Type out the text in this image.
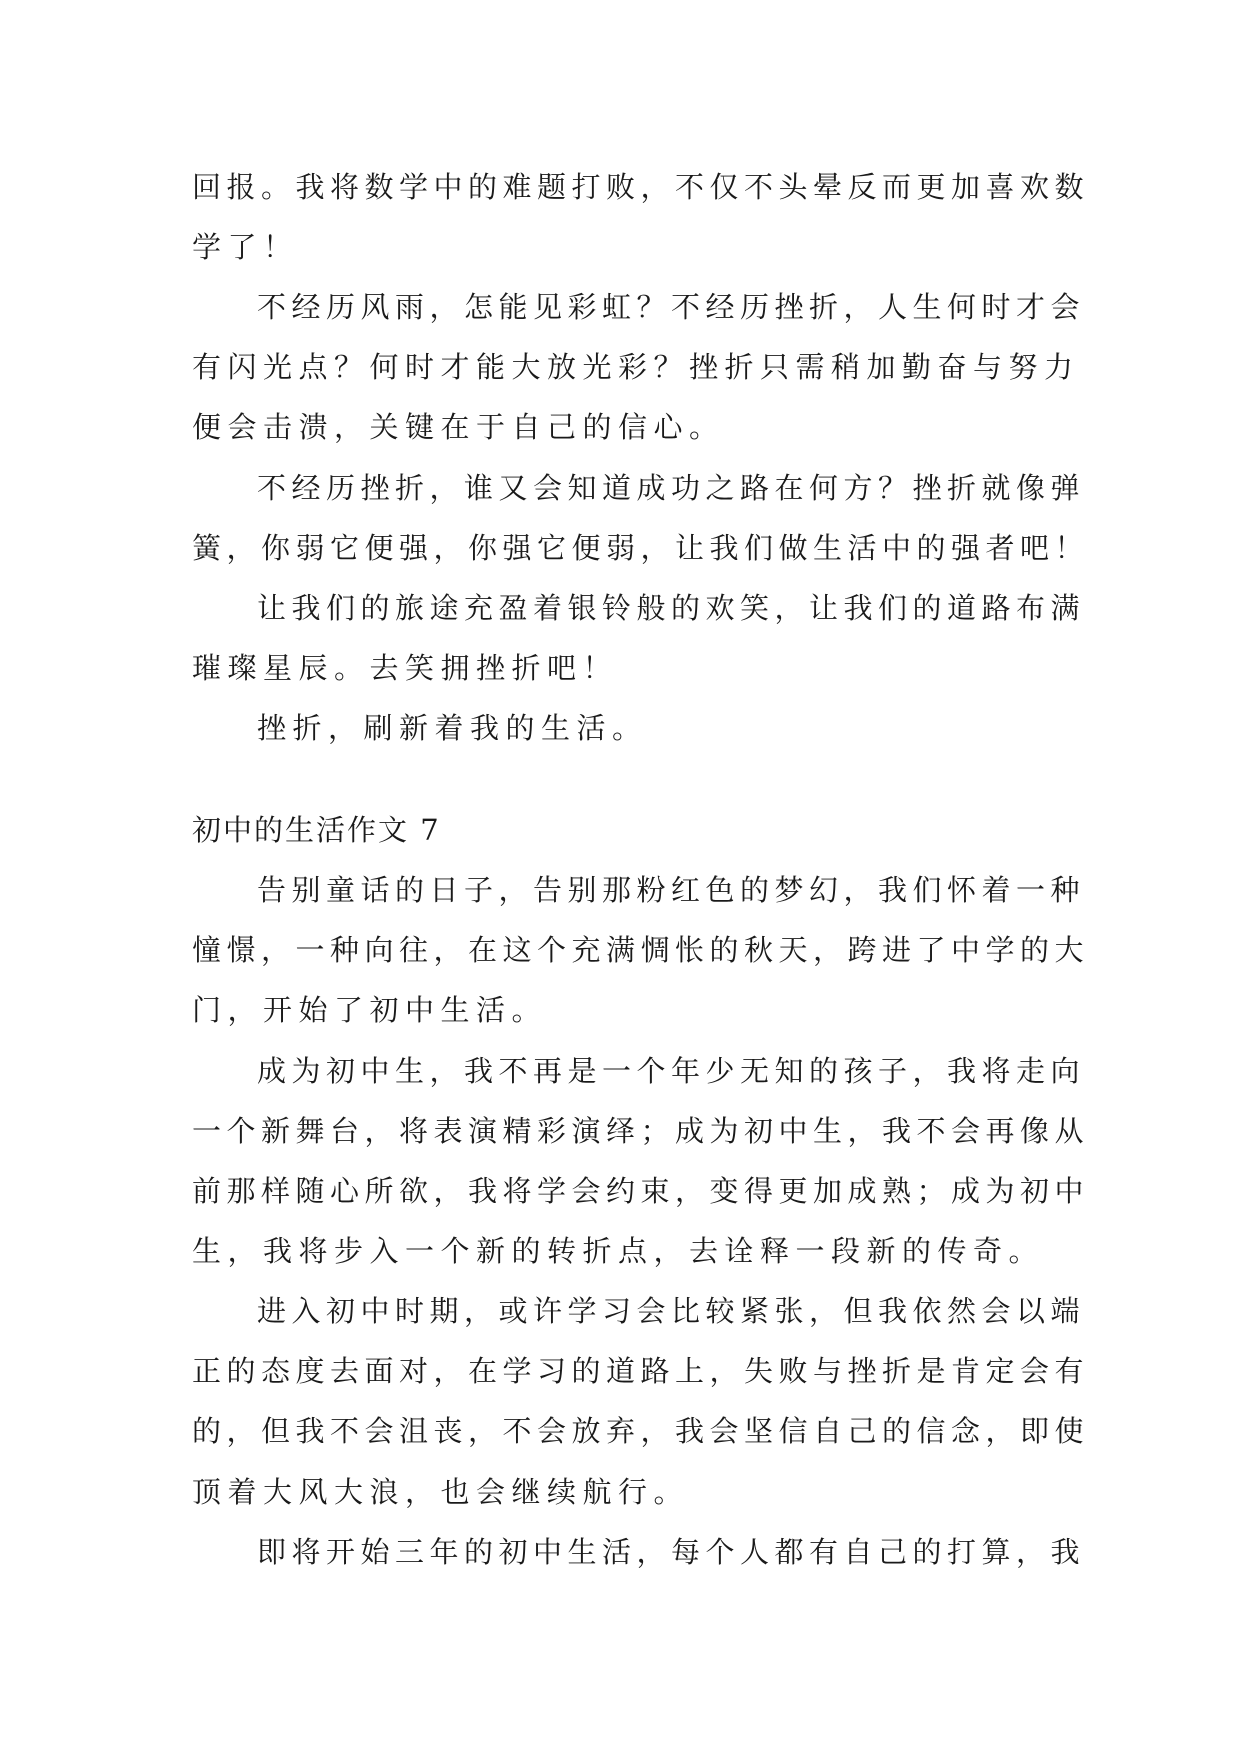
回报。我将数学中的难题打败，不仅不头晕反而更加喜欢数
学了！
不经历风雨，怎能见彩虹？不经历挫折，人生何时才会
有闪光点？何时才能大放光彩？挫折只需稍加勤奋与努力
便会击溃，关键在于自己的信心。
不经历挫折，谁又会知道成功之路在何方？挫折就像弹
簧，你弱它便强，你强它便弱，让我们做生活中的强者吧！
让我们的旅途充盈着银铃般的欢笑，让我们的道路布满
璀璨星辰。去笑拥挫折吧！
挫折，刷新着我的生活。
初中的生活作文 7
告别童话的日子，告别那粉红色的梦幻，我们怀着一种
憧憬，一种向往，在这个充满惆怅的秋天，跨进了中学的大
门，开始了初中生活。
成为初中生，我不再是一个年少无知的孩子，我将走向
一个新舞台，将表演精彩演绎；成为初中生，我不会再像从
前那样随心所欲，我将学会约束，变得更加成熟；成为初中
生，我将步入一个新的转折点，去诠释一段新的传奇。
进入初中时期，或许学习会比较紧张，但我依然会以端
正的态度去面对，在学习的道路上，失败与挫折是肯定会有
的，但我不会沮丧，不会放弃，我会坚信自己的信念，即使
顶着大风大浪，也会继续航行。
即将开始三年的初中生活，每个人都有自己的打算，我
